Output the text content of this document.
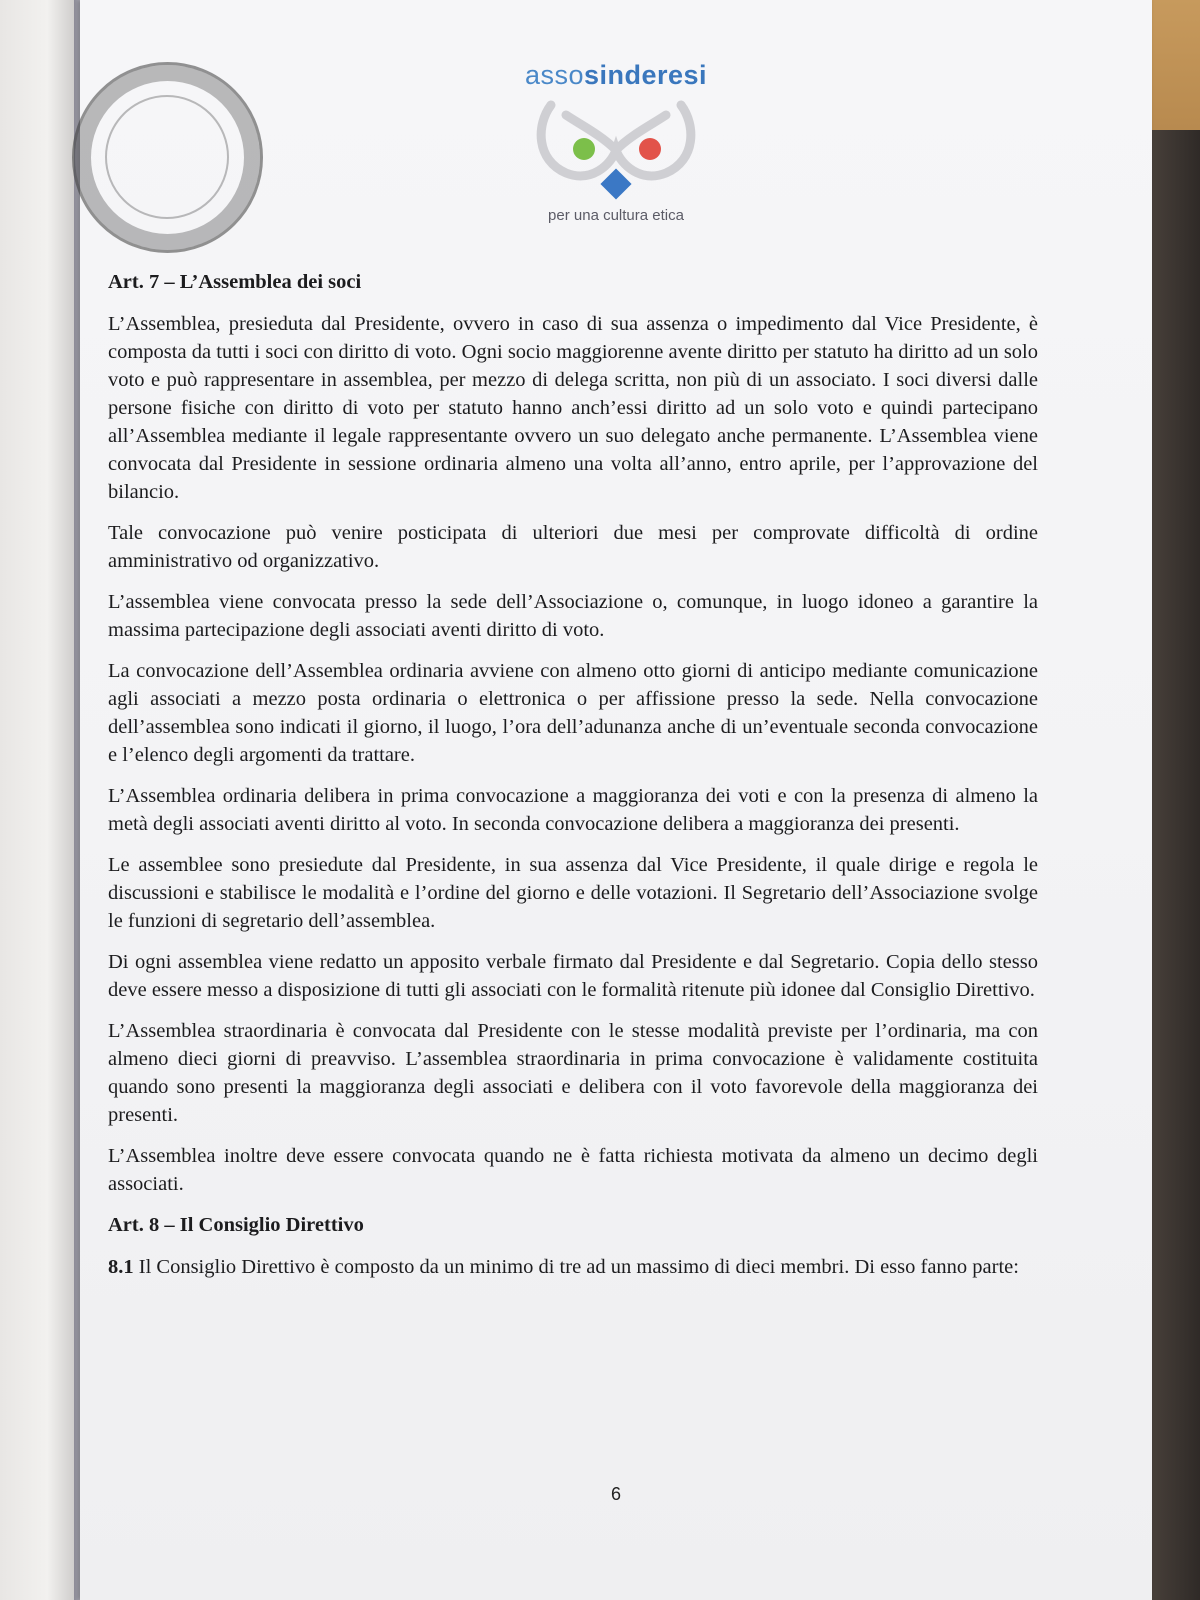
assosinderesi
per una cultura etica
Art. 7 – L’Assemblea dei soci

L’Assemblea, presieduta dal Presidente, ovvero in caso di sua assenza o impedimento dal Vice Presidente, è composta da tutti i soci con diritto di voto. Ogni socio maggiorenne avente diritto per statuto ha diritto ad un solo voto e può rappresentare in assemblea, per mezzo di delega scritta, non più di un associato. I soci diversi dalle persone fisiche con diritto di voto per statuto hanno anch’essi diritto ad un solo voto e quindi partecipano all’Assemblea mediante il legale rappresentante ovvero un suo delegato anche permanente. L’Assemblea viene convocata dal Presidente in sessione ordinaria almeno una volta all’anno, entro aprile, per l’approvazione del bilancio.

Tale convocazione può venire posticipata di ulteriori due mesi per comprovate difficoltà di ordine amministrativo od organizzativo.

L’assemblea viene convocata presso la sede dell’Associazione o, comunque, in luogo idoneo a garantire la massima partecipazione degli associati aventi diritto di voto.

La convocazione dell’Assemblea ordinaria avviene con almeno otto giorni di anticipo mediante comunicazione agli associati a mezzo posta ordinaria o elettronica o per affissione presso la sede. Nella convocazione dell’assemblea sono indicati il giorno, il luogo, l’ora dell’adunanza anche di un’eventuale seconda convocazione e l’elenco degli argomenti da trattare.

L’Assemblea ordinaria delibera in prima convocazione a maggioranza dei voti e con la presenza di almeno la metà degli associati aventi diritto al voto. In seconda convocazione delibera a maggioranza dei presenti.

Le assemblee sono presiedute dal Presidente, in sua assenza dal Vice Presidente, il quale dirige e regola le discussioni e stabilisce le modalità e l’ordine del giorno e delle votazioni. Il Segretario dell’Associazione svolge le funzioni di segretario dell’assemblea.

Di ogni assemblea viene redatto un apposito verbale firmato dal Presidente e dal Segretario. Copia dello stesso deve essere messo a disposizione di tutti gli associati con le formalità ritenute più idonee dal Consiglio Direttivo.

L’Assemblea straordinaria è convocata dal Presidente con le stesse modalità previste per l’ordinaria, ma con almeno dieci giorni di preavviso. L’assemblea straordinaria in prima convocazione è validamente costituita quando sono presenti la maggioranza degli associati e delibera con il voto favorevole della maggioranza dei presenti.

L’Assemblea inoltre deve essere convocata quando ne è fatta richiesta motivata da almeno un decimo degli associati.

Art. 8 – Il Consiglio Direttivo

8.1 Il Consiglio Direttivo è composto da un minimo di tre ad un massimo di dieci membri. Di esso fanno parte:

6
